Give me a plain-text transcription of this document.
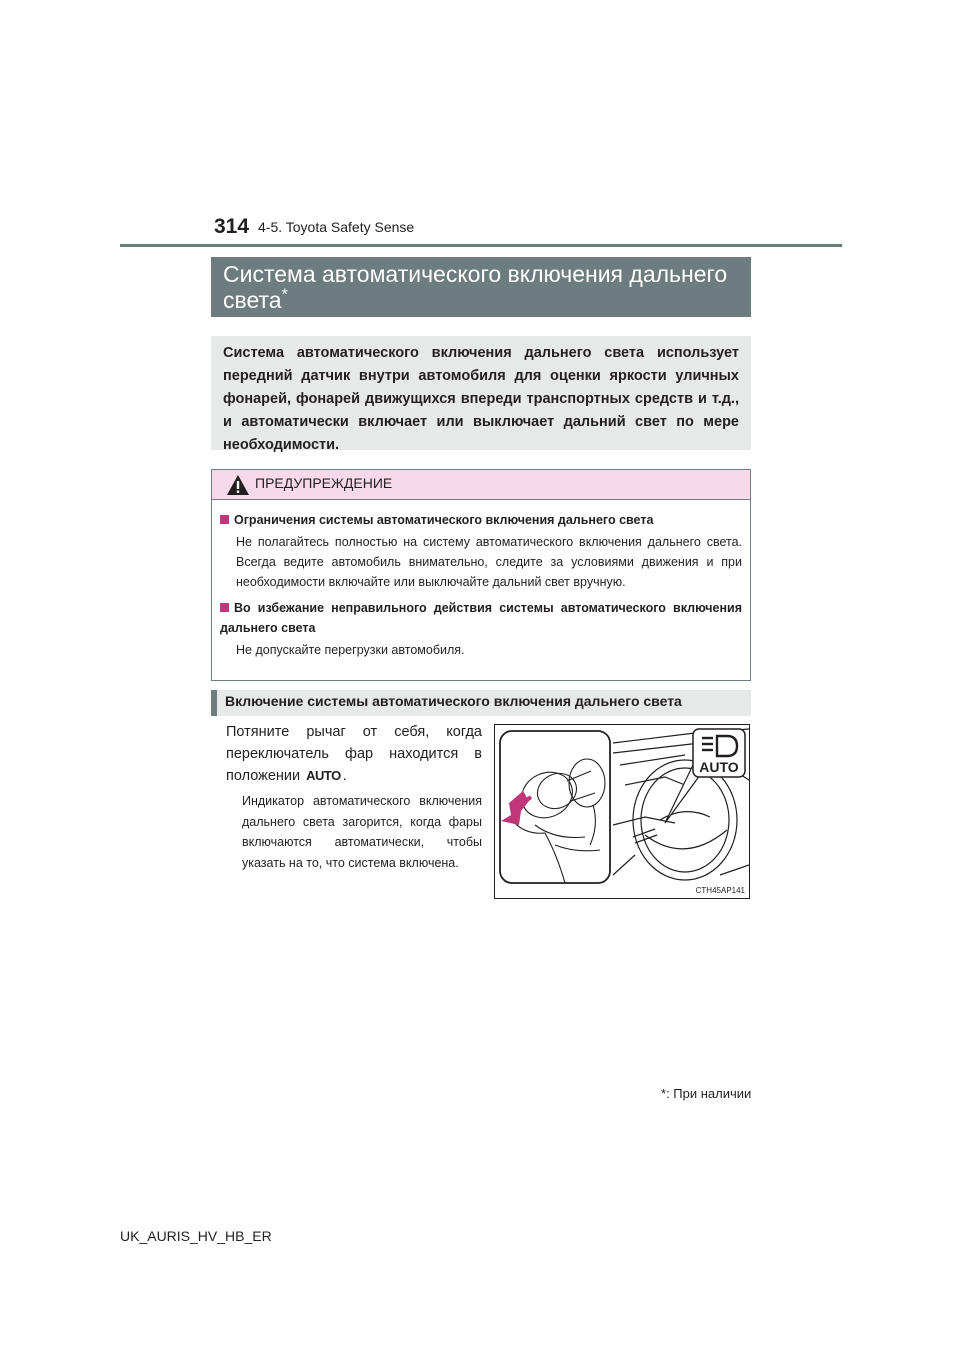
314 4-5. Toyota Safety Sense
Система автоматического включения дальнего света*
Система автоматического включения дальнего света использует передний датчик внутри автомобиля для оценки яркости уличных фонарей, фонарей движущихся впереди транспортных средств и т.д., и автоматически включает или выключает дальний свет по мере необходимости.
ПРЕДУПРЕЖДЕНИЕ
Ограничения системы автоматического включения дальнего света
Не полагайтесь полностью на систему автоматического включения дальнего света. Всегда ведите автомобиль внимательно, следите за условиями движения и при необходимости включайте или выключайте дальний свет вручную.
Во избежание неправильного действия системы автоматического включения дальнего света
Не допускайте перегрузки автомобиля.
Включение системы автоматического включения дальнего света
Потяните рычаг от себя, когда переключатель фар находится в положении AUTO .
Индикатор автоматического включения дальнего света загорится, когда фары включаются автоматически, чтобы указать на то, что система включена.
AUTO
CTH45AP141
*: При наличии
UK_AURIS_HV_HB_ER
